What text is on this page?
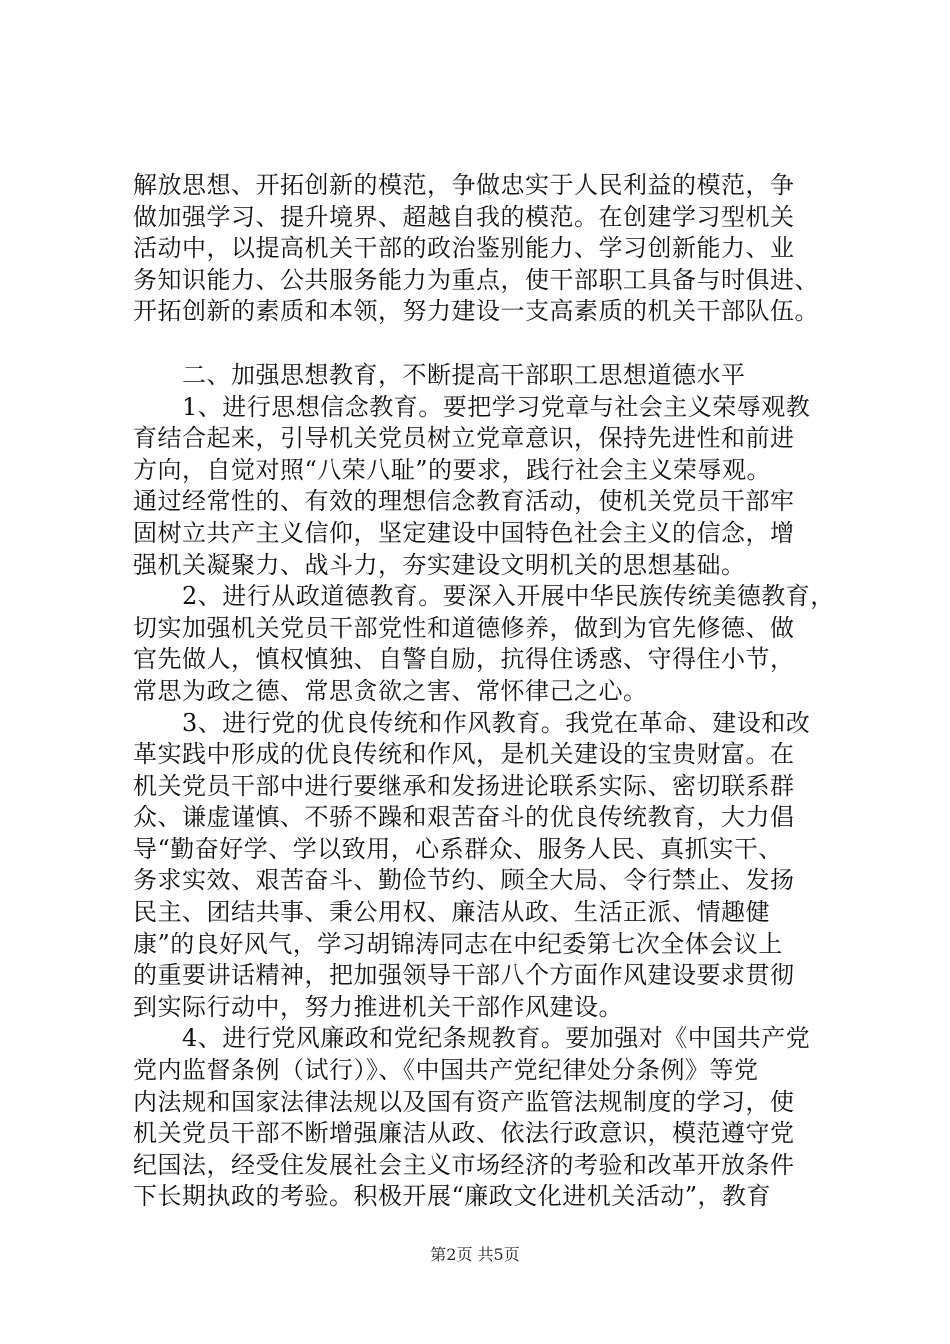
解放思想、开拓创新的模范，争做忠实于人民利益的模范，争
做加强学习、提升境界、超越自我的模范。在创建学习型机关
活动中，以提高机关干部的政治鉴别能力、学习创新能力、业
务知识能力、公共服务能力为重点，使干部职工具备与时俱进、
开拓创新的素质和本领，努力建设一支高素质的机关干部队伍。
　　二、加强思想教育，不断提高干部职工思想道德水平
　　1、进行思想信念教育。要把学习党章与社会主义荣辱观教
育结合起来，引导机关党员树立党章意识，保持先进性和前进
方向，自觉对照“八荣八耻”的要求，践行社会主义荣辱观。
通过经常性的、有效的理想信念教育活动，使机关党员干部牢
固树立共产主义信仰，坚定建设中国特色社会主义的信念，增
强机关凝聚力、战斗力，夯实建设文明机关的思想基础。
　　2、进行从政道德教育。要深入开展中华民族传统美德教育，
切实加强机关党员干部党性和道德修养，做到为官先修德、做
官先做人，慎权慎独、自警自励，抗得住诱惑、守得住小节，
常思为政之德、常思贪欲之害、常怀律己之心。
　　3、进行党的优良传统和作风教育。我党在革命、建设和改
革实践中形成的优良传统和作风，是机关建设的宝贵财富。在
机关党员干部中进行要继承和发扬进论联系实际、密切联系群
众、谦虚谨慎、不骄不躁和艰苦奋斗的优良传统教育，大力倡
导“勤奋好学、学以致用，心系群众、服务人民、真抓实干、
务求实效、艰苦奋斗、勤俭节约、顾全大局、令行禁止、发扬
民主、团结共事、秉公用权、廉洁从政、生活正派、情趣健
康”的良好风气，学习胡锦涛同志在中纪委第七次全体会议上
的重要讲话精神，把加强领导干部八个方面作风建设要求贯彻
到实际行动中，努力推进机关干部作风建设。
　　4、进行党风廉政和党纪条规教育。要加强对《中国共产党
党内监督条例（试行）》、《中国共产党纪律处分条例》等党
内法规和国家法律法规以及国有资产监管法规制度的学习，使
机关党员干部不断增强廉洁从政、依法行政意识，模范遵守党
纪国法，经受住发展社会主义市场经济的考验和改革开放条件
下长期执政的考验。积极开展“廉政文化进机关活动”，教育
第2页 共5页
